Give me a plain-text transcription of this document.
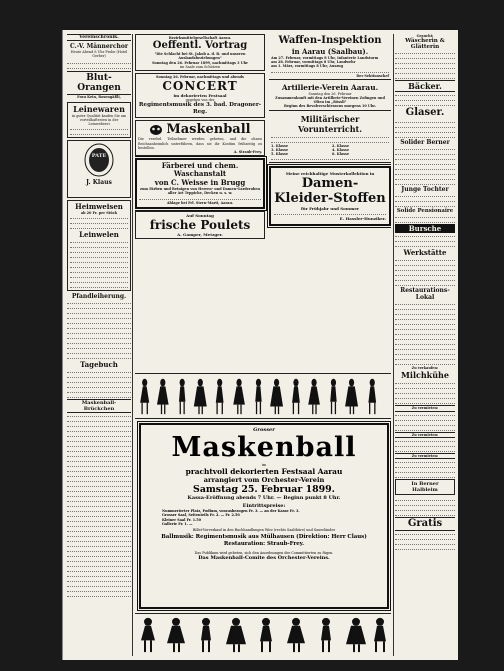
Vereinschronik.
C.-V. Männerchor
Heute Abend 8 Uhr Probe (Hotel Gerber)
Blut-Orangen
Frau Kein, Rosengäßli,
Leinewaren
in guter Qualität kaufen Sie am vorteilhaftesten in der Leinweberei
PATE
J. Klaus
Heimweisen
ab 20 Fr. per Stück
Leinwelen
Pfandleiherung.
Tagebuch
Maskenball-Brückchen
Bezirksmittelgesellschaft Aarau.
Oeffentl. Vortrag
"Die Schlacht bei St. Jakob a. d. B. und unseren Auslandsbeziehungen"
Sonntag den 26. Februar 1899, nachmittags 3 Uhr
im Saale zum Schützen
Sonntag 26. Februar, nachmittags und abends
CONCERT
im dekorierten Festsaal
gegeben von der
Regimentsmusik des 3. bad. Dragoner-Reg.
Maskenball
Die verehrl. Teilnehmer werden gebeten, und die ohnen Reichsanheimlich unterführen, dass sie ihr Kostüm frühzeitig zu bestellen.
A. Straub-Frey.
Färberei und chem. Waschanstalt
von C. Weisse in Brugg
zum Färben und Reinigen von Herren- und Damen-Garderoben aller Art Teppiche, Decken u. s. w.
Ablage bei Frl. Stern-Marti, Aarau.
Auf Sonntag
frische Poulets
A. Gamper, Metzger.
Waffen-Inspektion
in Aarau (Saalbau).
Am 27. Februar, vormittags 8 Uhr, Infanterie Landsturm
am 28. Februar, vormittags 8 Uhr, Landwehr
am 1. März, vormittags 8 Uhr, Auszug
Der Sektionschef
Artillerie-Verein Aarau.
Sonntag den 26. Februar
Zusammenkunft mit den Artillerie-Vereinen Zofingen und Olten im „Rössli"
Beginn des Revolverschiessens morgens 10 Uhr.
Militärischer Vorunterricht.
1. Klasse	2. Klasse
3. Klasse	4. Klasse
5. Klasse	6. Klasse
Meine reichhaltige Musterkollektion in
Damen-Kleider-Stoffen
für Frühjahr und Sommer
E. Hassler-Hunziker.
Grosser
Maskenball
im
prachtvoll dekorierten Festsaal Aarau
arrangiert vom Orchester-Verein
Samstag 25. Februar 1899.
Kassa-Eröffnung abends 7 Uhr. — Beginn punkt 8 Uhr.
Eintrittspreise:
Nummerierter Platz, Podium, vorausbezogen Fr. 3. — an der Kasse Fr. 3.
Grosser Saal, Seitenteils Fr. 2. — Fr. 2.50
Kleiner Saal Fr. 1.50
Gallerie Fr. 1. —
Billet-Vorverkauf in den Buchhandlungen Wirz (rechts Saalthüre) und Sauerländer
Ballmusik: Regimentsmusik aus Mülhausen (Direktion: Herr Claus)
Restauration: Straub-Frey.
Das Publikum wird gebeten, sich den Anordnungen der Committierten zu fügen.
Das Maskenball-Comite des Orchester-Vereins.
Gesucht:
Wäscherin & Glätterin
Bäcker.
Glaser.
Solider Berner
Junge Tochter
Solide Pensionaire
Bursche
Werkstätte
Restaurations-Lokal
Zu verkaufen:
Milchkühe
Zu vermieten:
Zu vermieten:
Zu vermieten:
In Berner Halbleim
Gratis
